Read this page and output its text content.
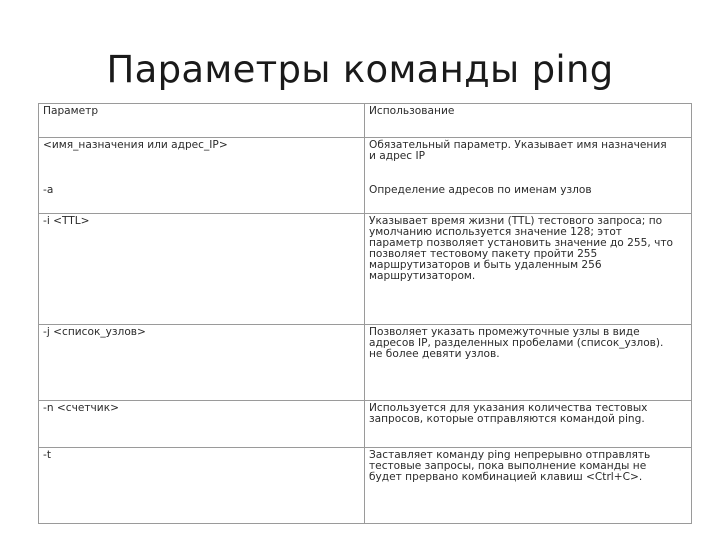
Параметры команды ping
Параметр	Использование
<имя_назначения или адрес_IP>	Обязательный параметр. Указывает имя назначения
и адрес IP
-a	Определение адресов по именам узлов
-i <TTL>	Указывает время жизни (TTL) тестового запроса; по
умолчанию используется значение 128; этот
параметр позволяет установить значение до 255, что
позволяет тестовому пакету пройти 255
маршрутизаторов и быть удаленным 256
маршрутизатором.
-j <список_узлов>	Позволяет указать промежуточные узлы в виде
адресов IP, разделенных пробелами (список_узлов).
не более девяти узлов.
-n <счетчик>	Используется для указания количества тестовых
запросов, которые отправляются командой ping.
-t	Заставляет команду ping непрерывно отправлять
тестовые запросы, пока выполнение команды не
будет прервано комбинацией клавиш <Ctrl+C>.
